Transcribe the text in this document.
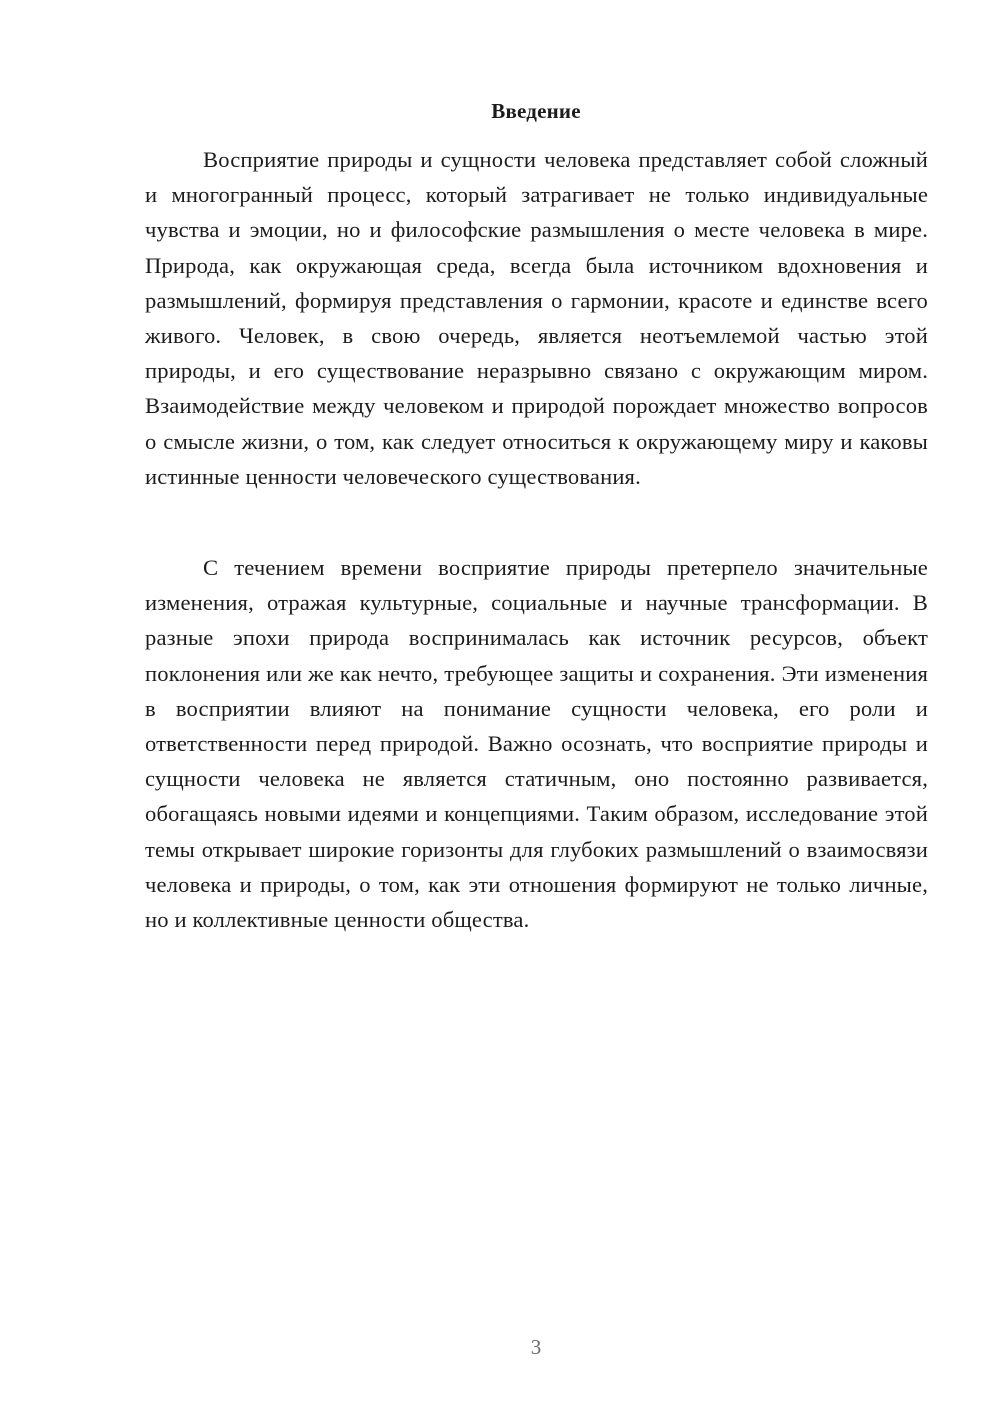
Введение

Восприятие природы и сущности человека представляет собой сложный и многогранный процесс, который затрагивает не только индивидуальные чувства и эмоции, но и философские размышления о месте человека в мире. Природа, как окружающая среда, всегда была источником вдохновения и размышлений, формируя представления о гармонии, красоте и единстве всего живого. Человек, в свою очередь, является неотъемлемой частью этой природы, и его существование неразрывно связано с окружающим миром. Взаимодействие между человеком и природой порождает множество вопросов о смысле жизни, о том, как следует относиться к окружающему миру и каковы истинные ценности человеческого существования.

С течением времени восприятие природы претерпело значительные изменения, отражая культурные, социальные и научные трансформации. В разные эпохи природа воспринималась как источник ресурсов, объект поклонения или же как нечто, требующее защиты и сохранения. Эти изменения в восприятии влияют на понимание сущности человека, его роли и ответственности перед природой. Важно осознать, что восприятие природы и сущности человека не является статичным, оно постоянно развивается, обогащаясь новыми идеями и концепциями. Таким образом, исследование этой темы открывает широкие горизонты для глубоких размышлений о взаимосвязи человека и природы, о том, как эти отношения формируют не только личные, но и коллективные ценности общества.

3
